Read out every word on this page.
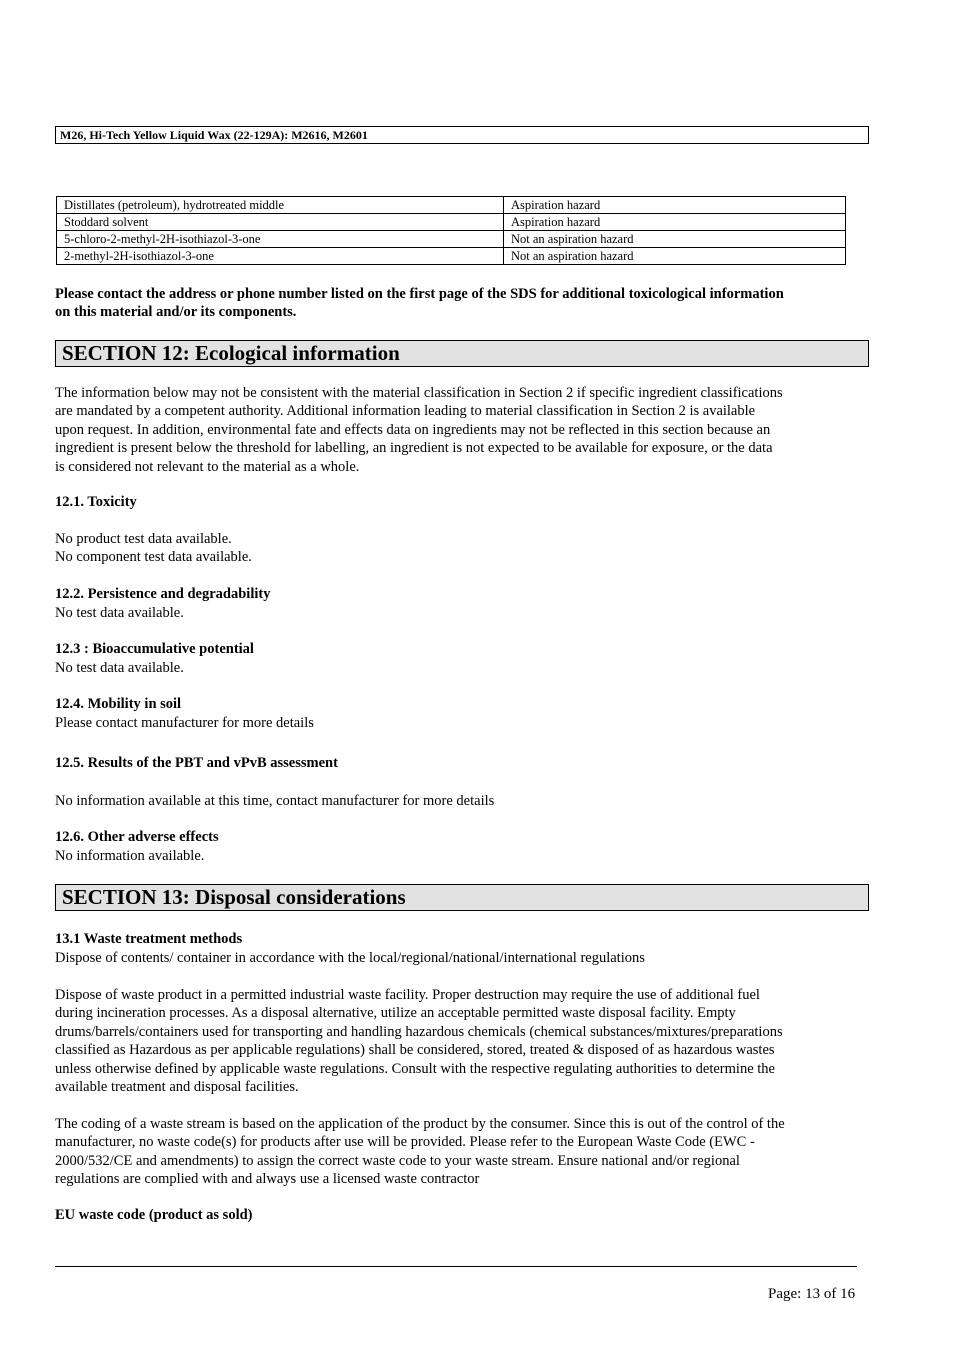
M26, Hi-Tech Yellow Liquid Wax (22-129A): M2616, M2601
Distillates (petroleum), hydrotreated middle	Aspiration hazard
Stoddard solvent	Aspiration hazard
5-chloro-2-methyl-2H-isothiazol-3-one	Not an aspiration hazard
2-methyl-2H-isothiazol-3-one	Not an aspiration hazard
Please contact the address or phone number listed on the first page of the SDS for additional toxicological information
on this material and/or its components.
SECTION 12: Ecological information
The information below may not be consistent with the material classification in Section 2 if specific ingredient classifications
are mandated by a competent authority. Additional information leading to material classification in Section 2 is available
upon request. In addition, environmental fate and effects data on ingredients may not be reflected in this section because an
ingredient is present below the threshold for labelling, an ingredient is not expected to be available for exposure, or the data
is considered not relevant to the material as a whole.
12.1. Toxicity
No product test data available.
No component test data available.
12.2. Persistence and degradability
No test data available.
12.3 : Bioaccumulative potential
No test data available.
12.4. Mobility in soil
Please contact manufacturer for more details
12.5. Results of the PBT and vPvB assessment
No information available at this time, contact manufacturer for more details
12.6. Other adverse effects
No information available.
SECTION 13: Disposal considerations
13.1 Waste treatment methods
Dispose of contents/ container in accordance with the local/regional/national/international regulations
Dispose of waste product in a permitted industrial waste facility. Proper destruction may require the use of additional fuel
during incineration processes. As a disposal alternative, utilize an acceptable permitted waste disposal facility. Empty
drums/barrels/containers used for transporting and handling hazardous chemicals (chemical substances/mixtures/preparations
classified as Hazardous as per applicable regulations) shall be considered, stored, treated & disposed of as hazardous wastes
unless otherwise defined by applicable waste regulations. Consult with the respective regulating authorities to determine the
available treatment and disposal facilities.
The coding of a waste stream is based on the application of the product by the consumer. Since this is out of the control of the
manufacturer, no waste code(s) for products after use will be provided. Please refer to the European Waste Code (EWC -
2000/532/CE and amendments) to assign the correct waste code to your waste stream. Ensure national and/or regional
regulations are complied with and always use a licensed waste contractor
EU waste code (product as sold)
Page: 13 of 16
